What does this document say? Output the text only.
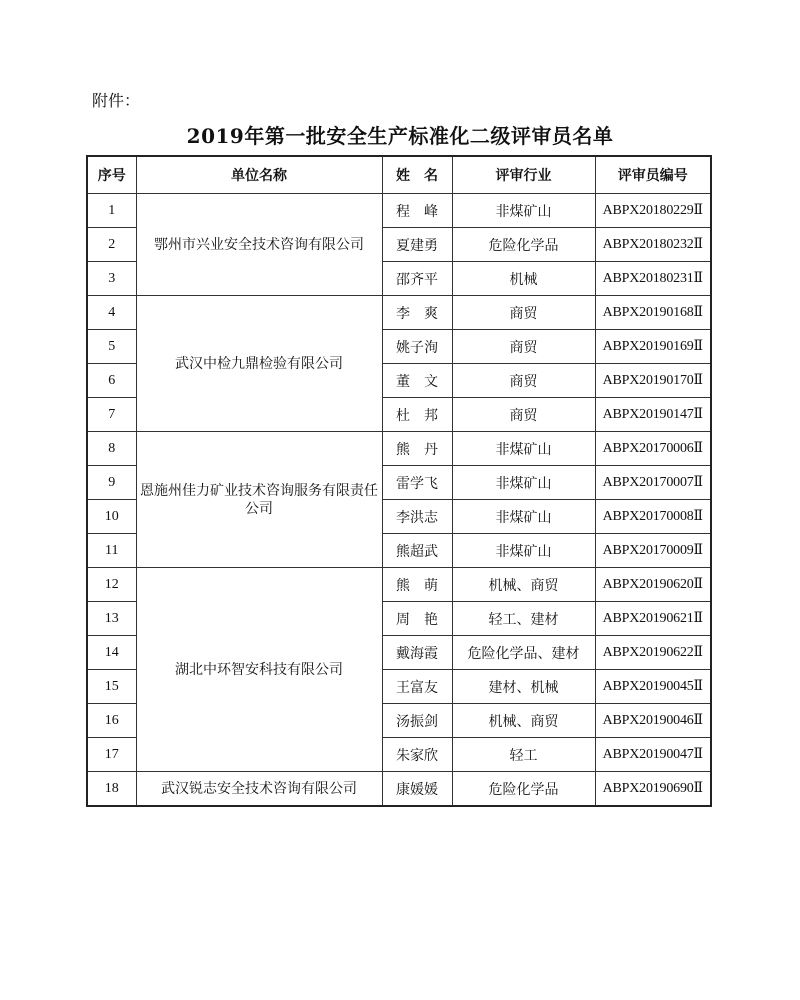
附件：
2019年第一批安全生产标准化二级评审员名单
序号	单位名称	姓　名	评审行业	评审员编号
1	鄂州市兴业安全技术咨询有限公司	程　峰	非煤矿山	ABPX20180229Ⅱ
2		夏建勇	危险化学品	ABPX20180232Ⅱ
3		邵齐平	机械	ABPX20180231Ⅱ
4	武汉中检九鼎检验有限公司	李　爽	商贸	ABPX20190168Ⅱ
5		姚子洵	商贸	ABPX20190169Ⅱ
6		董　文	商贸	ABPX20190170Ⅱ
7		杜　邦	商贸	ABPX20190147Ⅱ
8	恩施州佳力矿业技术咨询服务有限责任公司	熊　丹	非煤矿山	ABPX20170006Ⅱ
9		雷学飞	非煤矿山	ABPX20170007Ⅱ
10		李洪志	非煤矿山	ABPX20170008Ⅱ
11		熊超武	非煤矿山	ABPX20170009Ⅱ
12	湖北中环智安科技有限公司	熊　萌	机械、商贸	ABPX20190620Ⅱ
13		周　艳	轻工、建材	ABPX20190621Ⅱ
14		戴海霞	危险化学品、建材	ABPX20190622Ⅱ
15		王富友	建材、机械	ABPX20190045Ⅱ
16		汤振剑	机械、商贸	ABPX20190046Ⅱ
17		朱家欣	轻工	ABPX20190047Ⅱ
18	武汉锐志安全技术咨询有限公司	康媛媛	危险化学品	ABPX20190690Ⅱ
